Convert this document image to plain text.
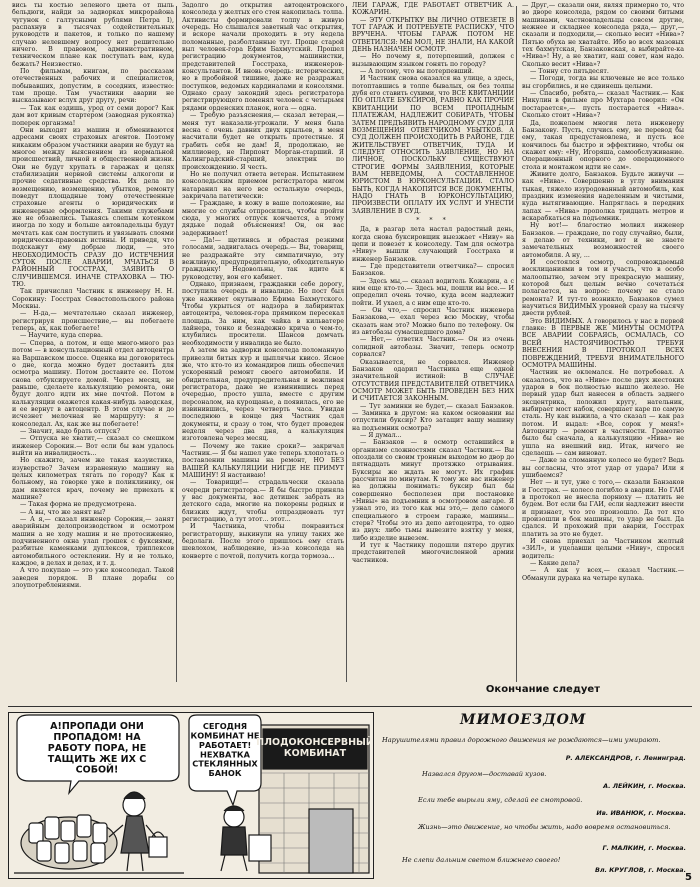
вись ты костью зеленого цвета от пыль бельдюги, найди за задворках микрорайона чугунок с галтусными рублями Петра I), распахнув в тысячах содействительных руководств и пакетов, и только по нашему случаю нелевшему вопросу нет решительно ничего. В правовом, административном, техническом плане как поступать вам, куда бежать? Неизвестно.

По фильмам, книгам, по рассказам отечественных рабочих и специалистов, побывавших, допустим, в соседних, известно: там проще. Там участники аварии не высказывают вслух друг другу, речи:

— Так как ездишь, урод от семи дорог? Как дам вот кривым стартером (заводная рукоятка) поперек органзма!

Они выходят из машин и обмениваются адресами своих страховых агентов. Поэтому никаким образом участники аварии не будут на многое между выяснением из нормальной происшествий, личной и общественной жизни. Они не будут хрупать в гаражах и целях стабилизации нервной системы алкоголи и прочие седативные средства. Их дела по возмещению, возмещению, убытков, ремонту поведут площадные тому отечественные страховые агенты о юридических и инженерные оформления. Такими служебами же не обзавелись. Тыкаясь слепым котенком иногда по ходу и больше автовладельцы будут мечтать как сам поступить и увязывать слоями юридически-правовых истины. И приведя, что подскажут ему добрые люди, — это НЕОБХОДИМОСТЬ СРАЗУ ДО ИСТЕЧЕНИЯ СУТОК ПОСЛЕ АВАРИИ, МЧАТЬСЯ В РАЙОННЫЙ ГОССТРАХ, ЗАЯВИТЬ О СЛУЧИВШЕМСЯ. ИНАЧЕ СТРАХОВКА — ТЮ-ТЮ.

Так причислял Частник к инженеру Н. Н. Сорокину: Госстрах Севастопольского района Москвы.

— Н-да,— мечтательно сказал инженер, регистрируя происшествие,— вы побегаете теперь, ах, как побегаете!

— Научите, куда сперва.

— Сперва, а потом, и еще много-много раз потом — в консультационный отдел автоцентра на Варшавском шоссе. Оценка вы договоритесь о дне, когда можно будет доставить для осмотра машину. Потом доставите ее. Потом снова отбуксируете домой. Через месяц, не раньше, сделаете калькуляцию ремонта, они будут долго идти их мне почтой. Потом в калькуляции окажется какая-нибудь заводская, и ее вернут в автоцентр. В этом случае и до исчезнет мелочная не маршруту: я — консоледал. Ах, как же вы побегаете!

— Значит, надо брать отпуск?

— Отпуска не хватит,— сказал со смешком инженер Сорокин.— Вот если бы вам удалось выйти на инвалидность...

Но скажите, зачем же такая казуистика, изуверство? Зачем израненную машину на целых километрах тягать по городу? Как к больному, на говорке уже в поликлинику, он дам является врач, почему не приехать к машине?

— Такая форма не предусмотрена.

— А вы, что же занят вы?

— А я,— сказал инженер Сорокин,— занят аварийным делопроизводством и осмотром машин а не ходу машин и не протосиженно, подчиненного окна улап грошек с фуксиями, разбитые каменками дуплексов, триплексов автомобильного остеклении. Ну и не только, каждое, в делах и делах, и т. д.

А что покупаю — это уже консоледал. Такой заведен порядок. В плане дорабы со злоупотреблениями.

Задолго до открытия автоцентровского консоледа у желтых его стен накопилась толпа. Активисты формировали толпу в живую очередь. Но слышался заветный час открытия, и вскоре начали проходить в эту недела поломанные, разболтанные тут. Проще старой выл человек-гора Ефим Бахмутский. Прошел регистрацию документов, машинистки, представителей Госстраха, инженеров-консультантов. И вновь очередь: истерических, но в пробойной тишине, даже не раздражал поступков, ведомых кардиналами и консолями. Однако сразу закондий здесь регистратора регистрирующего поменял человек с четырьмя рядами орденских планок, нога — одна.

— Требую разъяснения,— сказал ветеран,— меня тут наказали-угрожали. У меня была весна с очень давних двух крыльев, в меня насчитали будет не открыть протестные. Я грабить себя не дам! Я, продолжаю, не миллионер, не Пирпонт Морган-старший. Я Калинградский-старший, электрик по происхождению. Я честь.

Но не получил ответа ветеран. Испытанием консоледьским приемом регистратора мигом натаранил на него все остальную очередь, закричала патетически:

— Граждане, в кожу в ваше положение, вы многие со службы отпросились, чтобы пройти сюда, у многих отпуск кончается, а этому дядьке подай объяснения! Он, он вас задерживает!

— Да!— щетинясь и обрастая резкими голосами, задвигалась очередь.— Вы, товарищ, не раздражайте эту симпатичную, эту вежливую, предупредительную, обходительную гражданку! Недовольны, так идите к руководству, вон его кабинет.

Однако, признаем, гражданки себе дорогу, поступила очередь и инвалиде. Но пост был уже наживет окутывало Ефима Бахмутского. Чтобы укрыться от надзора в лабиринтах автоцентра, человек-гора прямиком пересекал площадь. За ним, как чайка в кильватере лайнера, тонко и безнадежно крича о чем-то, клубились просители. Шансов домчать необходимости у инвалида не было.

А затем на задворки консоледа поломанную привезли битых кур и цыплячьи квисо. Ясное же, что кто-то из командиров лишь обеспечил ускоренный ремонт своего автомобиля. И обидительная, предупредительная и вежливая регистратора, даже не извинившись перед очередью, просто ушла, вместе с другим персоналом, на курощанье, а появилась, его не извинившись, через четверть часа. Увидав последнюю в конце дня Частник сдал документы, и сразу о том, что будет проведен неделя через два дня, а калькуляция изготовлена через месяц.

— Почему же такие сроки?— закричал Частник.— Я бы нашел уже теперь хлопотать о поставлении машины на ремонт, НО БЕЗ ВАШЕЙ КАЛЬКУЛЯЦИИ НИГДЕ НЕ ПРИМУТ МАШИНУ! Я настаиваю!

— Товарищи!— страдальчески сказала очереди регистратора.— Я бы быстро приняла у вас документы, вас детишек забрать из детского сада, многие на покорены родных и близких ждут, чтобы отпраздновать тут регистрацию, а тут этот... этот...

И Частника, чтобы понравиться регистраторшу, выкинули на улицу таких же бедолаги. После этого пришлось ему стать шевлохом, наблюдение, из-за консоледа на конверте с почтой, получить когда тормоза...

ЛЕЙ ГАРАЖ, ГДЕ РАБОТАЕТ ОТВЕТЧИК А. КОЖАРИН.

— ЭТУ ОТКРЫТКУ ВЫ ЛИЧНО ОТВЕЗЕТЕ В ТОТ ГАРАЖ И ПОТРЕБУЕТЕ РАСПИСКУ, ЧТО ВРУЧЕНА. ЧТОБЫ ГАРАЖ ПОТОМ НЕ ОТВЕТИЛСЯ: МЫ МОЛ, НЕ ЗНАЛИ, НА КАКОЙ ДЕНЬ НАЗНАЧЕН ОСМОТР.

— Но почему я, потерпевший, должен с вызывающим языком гонять по городу?

— А потому, что вы потерпевший.

И Частник снова оказался на улице, а здесь, потоптавшись в толпе бывалых, он без толпы дубя его ставить сухими, что ВСЕ КВИТАНЦИИ ПО ОПЛАТЕ БУКСИРОВ, РАВНО КАК ПРОЧИЕ КВИТАНЦИИ ПО ВСЕМ ПРОПАДНЫМ ПЛАТЕЖАМ, НАДЛЕЖИТ СОБИРАТЬ, ЧТОБЫ ЗАТЕМ ПРЕДЪЯВИТЬ НАРОДНОМУ СУДУ ДЛЯ ВОЗМЕЩЕНИЯ ОТВЕТЧИКОМ УБЫТКОВ. А СУД ДОЛЖЕН ПРОИСХОДИТЬ В РАЙОНЕ, ГДЕ ЖИТЕЛЬСТВУЕТ ОТВЕТЧИК, ТУДА И СЛЕДУЕТ ОТНОСИТЬ ЗАЯВЛЕНИЕ, НО НА ЛИЧНОЕ, ПОСКОЛЬКУ СУЩЕСТВУЮТ СТРОГИЕ ФОРМЫ ЗАЯВЛЕНИЯ, КОТОРЫЕ ВАМ НЕВЕДОМЫ, А СОСТАВЛЕННОЕ ЮРИСТОМ В ЮРКОНСУЛЬТАЦИИ. СТАЛО БЫТЬ, КОГДА НАКОПЯТСЯ ВСЕ ДОКУМЕНТЫ, НАДО ГНАТЬ В ЮРКОНСУЛЬТАЦИЮ, ПРОИЗВЕСТИ ОПЛАТУ ИХ УСЛУГ И УНЕСТИ ЗАЯВЛЕНИЕ В СУД.

* * *

Да, в разгар лета настал радостный день, когда снова буксировщик выезжает «Ниву» на цепи и повезет к консоледу. Там для осмотра «Ниву» вышли случающий Госстраха и инженер Банзаков.

— Где представители ответчика?— спросил Банзаков.

— Здесь мы,— сказал водитель Кожарин, а с ним еще кто-то.— Здесь мы, пошли вы все.— И определил очень точно, куда всем надлежит пойти. И ухаел, а с ним еще кто-то.

— Он что,— спросил Частник инженера Банзакова,— ехал через всю Москву, чтобы сказать нам это? Можно было по телефону. Он из автобазы сумасшедшего дома?

— Нет,— ответил Частник.— Он из очень солидной автобазы. Значит, теперь осмотр сорвался?

Оказывается, не сорвался. Инженер Банзаков одарил Частника еще одной значительной истиной: В СЛУЧАЕ ОТСУТСТВИЯ ПРЕДСТАВИТЕЛЕЙ ОТВЕТЧИКА ОСМОТР МОЖЕТ БЫТЬ ПРОВЕДЕН БЕЗ НИХ И СЧИТАЕТСЯ ЗАКОННЫМ.

— Тут заминки не будет,— сказал Банзаков.— Заминка в другом: на каком основании вы отпустили буксир? Кто затащит вашу машину на подъемник осмотра?

— Я думал...

— Банзаков — в осмотр оставшийся в организме сложностями сказал Частник.— Вы опоздали со своим тронным выходом во двор до пятнадцать минут протяжко отрывания. Буксиры же ждать не могут. Их график рассчитан по минутам. К тому же вас инженер на должны понимать: буксир был бы совершенно бесполезен при постановке «Нивы» на подъемник в осмотровом ангаре. Я узнал это, из того как мы это,— дело самого специального в строем гараже, машины... стерв? Чтобы это из депо автоцентра, то одно из двух: либо тьмы вывезите взятку у меня, либо изделие вывезем.

И тут к Частнику подошли пятеро других представителей многочисленной армии частников.

— Друг,— сказали они, являя примерно то, что во дворе консоледа, рядом со своими битыми машинами, частновладельцы совсем другие, нежнее и складнее консоледа ряда,— друг,— сказали и подходили,— сколько весит «Нива»? Пятью обуха не хватайте. Ибо во всех мазовых тех бахмутская, Банзаковская, а выбирайте-ка «Нива»! Ну, а не хватит, наш совет, нам надо. Сколько весит «Нива»?

— Тонну сто пятьдесят.

— Погоди, тогда вы ключевые не все только вы сгорбились, и не сдвинешь целыми.

— Спасибо, ребята,— сказал Частник.— Как Никулин в фильме про Мухтара говорил: «Он постарается»,— пусть постарается «Нива». Сколько стоит «Нива»?

Да, пожелаем многия лета инженеру Банзакову. Пусть, случись ему, не перевод бы ему, такая предустановлена, и пусть все кончилось бы быстро и эффективно, чтобы он скажет ему: «Ну, Игоряша, самообслуживание. Операционный опорного до операционного стола и монтажом идти не сам».

Живите долго, Банзаков. Будьте живучи — как «Нива». Совершенно в углу внимания тыкая, тяжело изуродованный автомобиль, как праздник изменения наделенным и чистыми, куда вытягивающие. Напряглась в передних лапах — «Нива» прополка тридцать метров и вскарабкаться на подъемник.

Ну вот!— благостно молвил инженер Банзаков. — граждане, по году случайно, были, я делаю от техники, вот и не знаете замечательных возможностей своего автомобиля. А ну, ...

И состоялся осмотр, сопровождаемый восклицаниями в том и участь, что в особо малоопытно, зачем эту прекрасную машину, которой был целым вечно сочетаться полагается, на вопрос: почему не стало ремонта? И тут-то возникло, Банзаков сумел научиться ВИДИМЫХ уровней сразу на тысячу двести рублей.

Это ВИДИМЫХ. А говорилось у нас в первой главке: В ПЕРВЫЕ ЖЕ МИНУТЫ ОСМОТРА ВСЕ АВАРИИ СОБРАЯСЬ, ОСМАЛАСЬ, СО ВСЕЙ НАСТОЯЧИВОСТЬЮ ТРЕБУЯ ВНЕСЕНИЯ В ПРОТОКОЛ ВСЕХ ПОВРЕЖДЕНИЙ, ТРЕБУЯ ВНИМАТЕЛЬНОГО ОСМОТРА МАШИНЫ.

Частник не оклемался. Не потребовал. А оказалось, что на «Ниве» после двух жестоких ударов в бок полностью вышло железо. Не первый удар был нанесен в область заднего эксцентрика, положил кругу, нательник, выбирает мост набок, совершает каре по самую сталь. Ну как выжила, а что сказал — как раз потом. И выдал: «Все, сорок у меня!» Автоцентр — ремонт в частности. Грамотно было бы сначала, а калькуляцию «Нива» не ушла на внешний вид. Итак, ничего не сделаешь — сам виноват.

— Даже за сломанную колесо не будет? Ведь вы согласны, что этот удар от удара? Или я ушибаемся?

Нет — и тут, уже с того,— сказали Банзаков и Госстрах. — колесо погибло в аварии. Но ГАИ в протокол не внесла порнюху — платить не будем. Вот если бы ГАИ, если надлежит внести и признает, что это произошло. Да тот кто произошли в бок машины, то удар не был. Да сдался. И прохожий при аварии, Госстрах платить за это не будет.

И снова приехал за Частником желтый «ЗИЛ», и уцелавши целыми «Ниву», спросил водитель:

— Какие дела?

— А как у всех,— сказал Частник.— Обманули дурака на четыре кулака.

Окончание следует
А!ПРОПАДИ ОНИ ПРОПАДОМ! НА РАБОТУ ПОРА, НЕ ТАЩИТЬ ЖЕ ИХ С СОБОЙ!
СЕГОДНЯ КОМБИНАТ НЕ РАБОТАЕТ! НЕХВАТКА СТЕКЛЯННЫХ БАНОК
ПЛОДОКОНСЕРВНЫЙ КОМБИНАТ
МИМОЕЗДОМ
Нарушителями правил дорожного движения не рождаются—ими умирают.
Р. АЛЕКСАНДРОВ, г. Ленинград.
Назвался другом—доставай кузов.
А. ЛЕЙКИН, г. Москва.
Если тебе вырыли яму, сделай ее смотровой.
Ив. ИВАНЮК, г. Москва.
Жизнь—это движение, но чтобы жить, надо вовремя остановиться.
Г. МАЛКИН, г. Москва.
Не слепи дальним светом ближнего своего!
Вл. КРУГЛОВ, г. Москва.
5
